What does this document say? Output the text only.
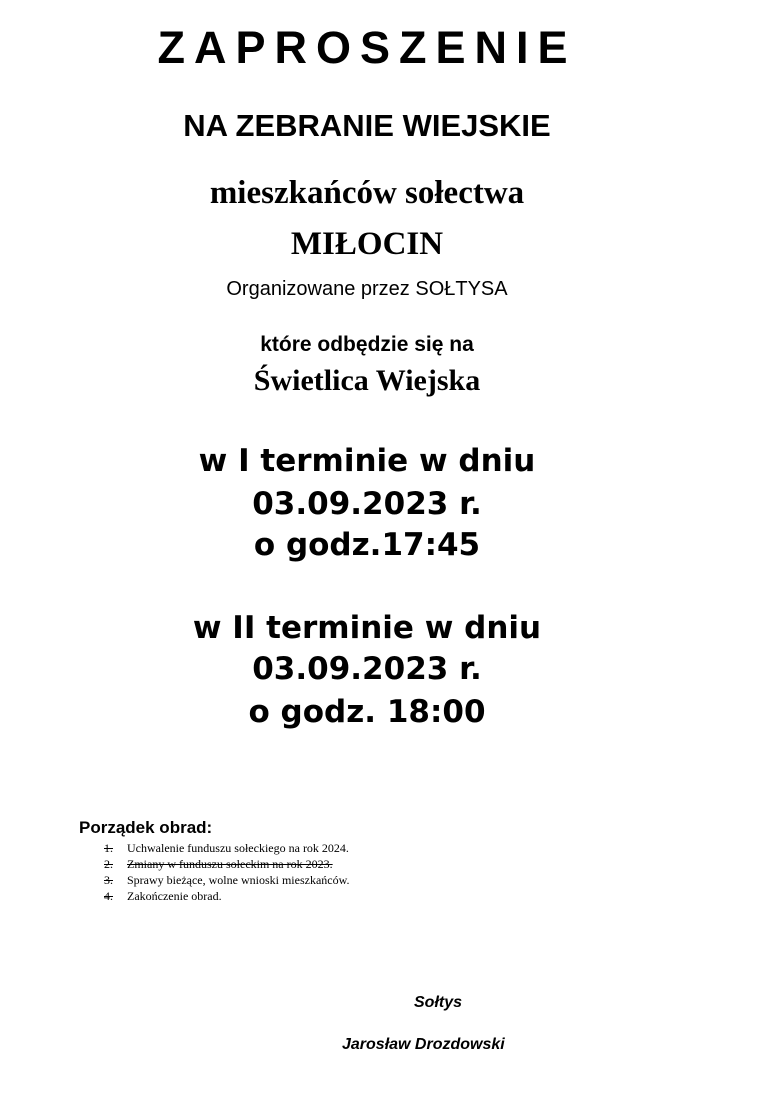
ZAPROSZENIE
NA ZEBRANIE WIEJSKIE
mieszkańców sołectwa
MIŁOCIN
Organizowane przez SOŁTYSA
które odbędzie się na
Świetlica Wiejska
w I terminie w dniu
03.09.2023 r.
o godz.17:45
w II terminie w dniu
03.09.2023 r.
o godz. 18:00
Porządek obrad:
1. Uchwalenie funduszu sołeckiego na rok 2024.
2. Zmiany w funduszu sołeckim na rok 2023.
3. Sprawy bieżące, wolne wnioski mieszkańców.
4. Zakończenie obrad.
Sołtys
Jarosław Drozdowski
